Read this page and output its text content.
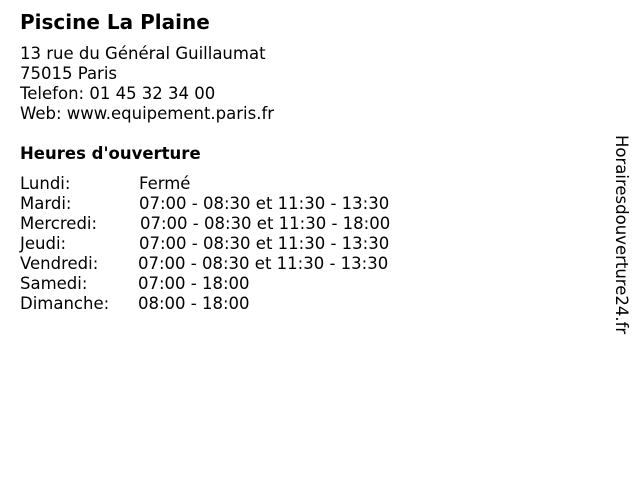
Piscine La Plaine
13 rue du Général Guillaumat
75015 Paris
Telefon: 01 45 32 34 00
Web: www.equipement.paris.fr
Heures d'ouverture
Lundi:	Fermé
Mardi:	07:00 - 08:30 et 11:30 - 13:30
Mercredi:	07:00 - 08:30 et 11:30 - 18:00
Jeudi:	07:00 - 08:30 et 11:30 - 13:30
Vendredi: 07:00 - 08:30 et 11:30 - 13:30
Samedi:	07:00 - 18:00
Dimanche: 08:00 - 18:00	Horairesdouverture24.fr
